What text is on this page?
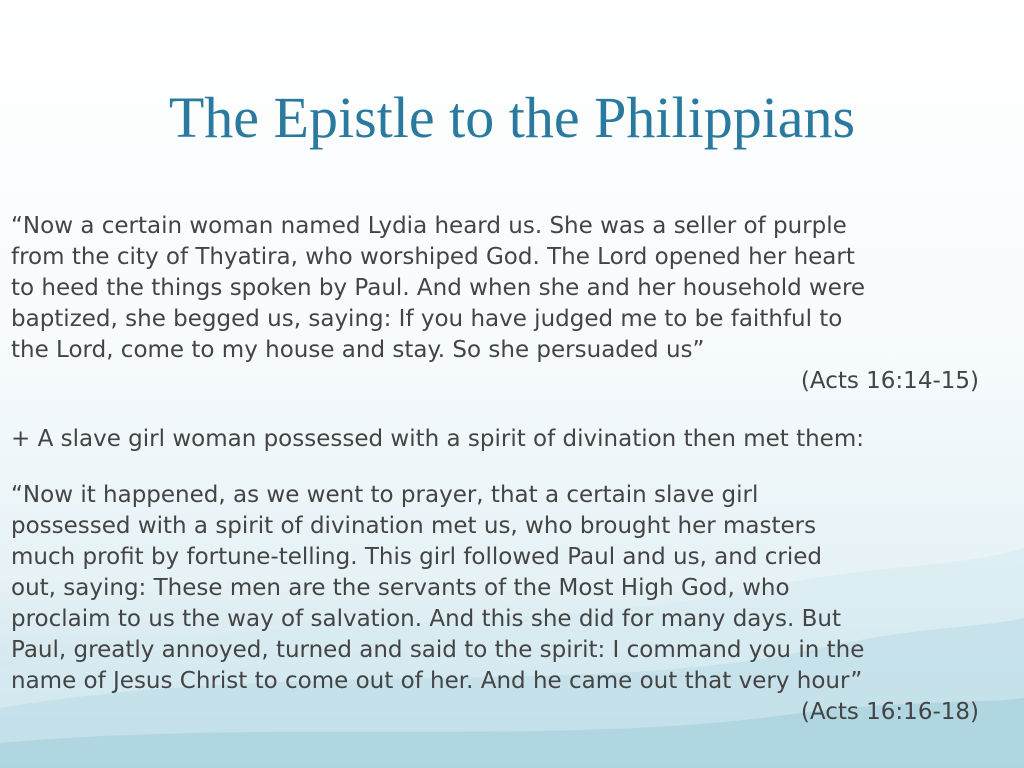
The Epistle to the Philippians
“Now a certain woman named Lydia heard us. She was a seller of purple
from the city of Thyatira, who worshiped God. The Lord opened her heart
to heed the things spoken by Paul. And when she and her household were
baptized, she begged us, saying: If you have judged me to be faithful to
the Lord, come to my house and stay. So she persuaded us”
(Acts 16:14-15)
+ A slave girl woman possessed with a spirit of divination then met them:
“Now it happened, as we went to prayer, that a certain slave girl
possessed with a spirit of divination met us, who brought her masters
much profit by fortune-telling. This girl followed Paul and us, and cried
out, saying: These men are the servants of the Most High God, who
proclaim to us the way of salvation. And this she did for many days. But
Paul, greatly annoyed, turned and said to the spirit: I command you in the
name of Jesus Christ to come out of her. And he came out that very hour”
(Acts 16:16-18)
